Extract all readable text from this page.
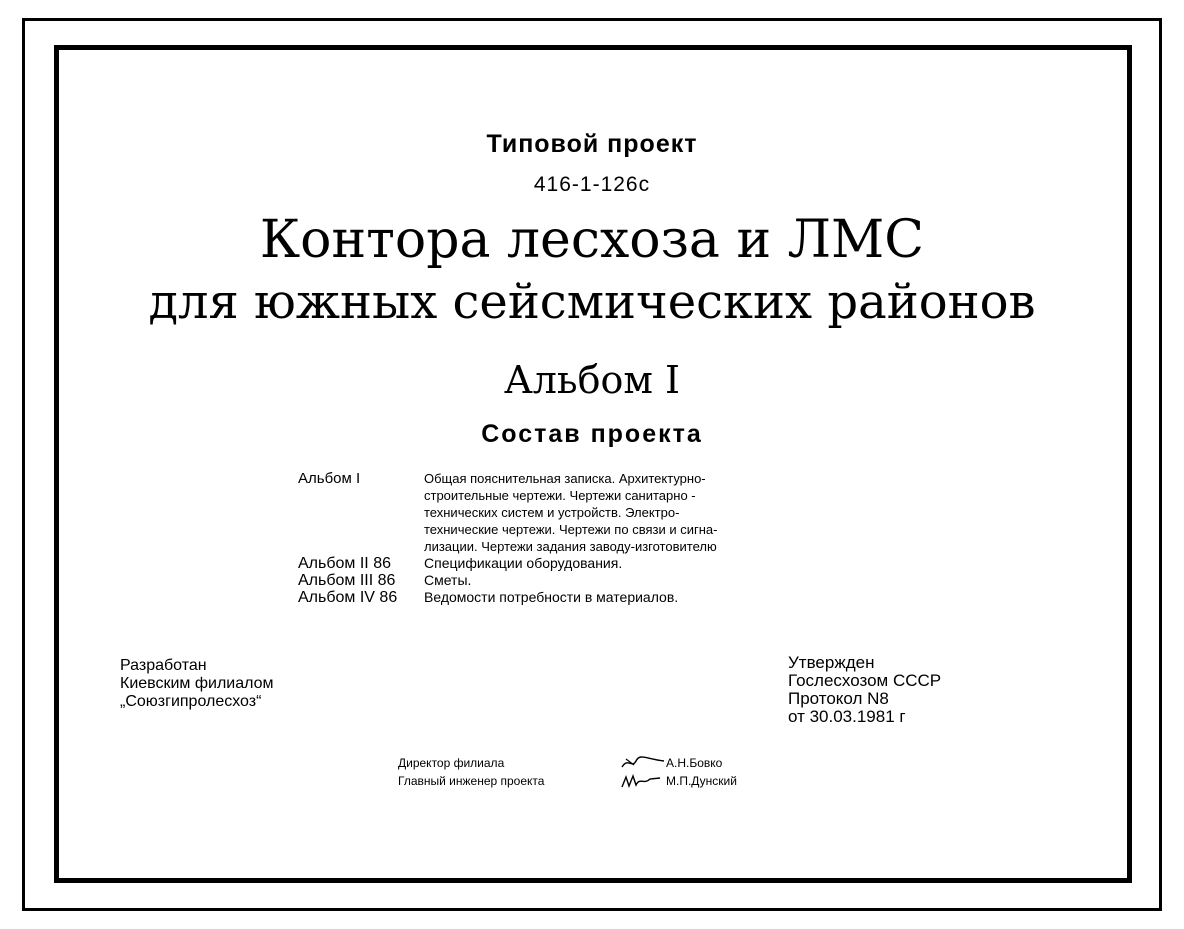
Типовой проект
416-1-126с
Контора лесхоза и ЛМС
для южных сейсмических районов
Альбом I
Состав проекта
Альбом I	Общая пояснительная записка. Архитектурно-
строительные чертежи. Чертежи санитарно -
технических систем и устройств. Электро-
технические чертежи. Чертежи по связи и сигна-
лизации. Чертежи задания заводу-изготовителю
Альбом II 86	Спецификации оборудования.
Альбом III 86	Сметы.
Альбом IV 86	Ведомости потребности в материалов.
Разработан
Киевским филиалом
„Союзгипролесхоз“
Утвержден
Гослесхозом СССР
Протокол N8
от 30.03.1981 г
Директор филиала	А.Н.Бовко
Главный инженер проекта	М.П.Дунский
